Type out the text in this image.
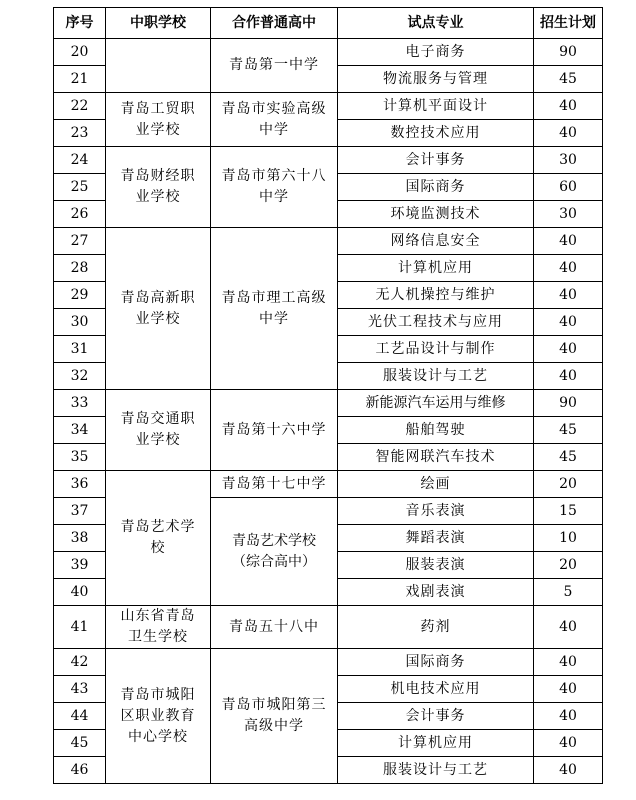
序号	中职学校	合作普通高中	试点专业	招生计划
20		青岛第一中学	电子商务	90
21			物流服务与管理	45
22	青岛工贸职业学校	青岛市实验高级中学	计算机平面设计	40
23			数控技术应用	40
24	青岛财经职业学校	青岛市第六十八中学	会计事务	30
25			国际商务	60
26			环境监测技术	30
27	青岛高新职业学校	青岛市理工高级中学	网络信息安全	40
28			计算机应用	40
29			无人机操控与维护	40
30			光伏工程技术与应用	40
31			工艺品设计与制作	40
32			服装设计与工艺	40
33	青岛交通职业学校	青岛第十六中学	新能源汽车运用与维修	90
34			船舶驾驶	45
35			智能网联汽车技术	45
36	青岛艺术学校	青岛第十七中学	绘画	20
37		青岛艺术学校（综合高中）	音乐表演	15
38			舞蹈表演	10
39			服装表演	20
40			戏剧表演	5
41	山东省青岛卫生学校	青岛五十八中	药剂	40
42	青岛市城阳区职业教育中心学校	青岛市城阳第三高级中学	国际商务	40
43			机电技术应用	40
44			会计事务	40
45			计算机应用	40
46			服装设计与工艺	40
